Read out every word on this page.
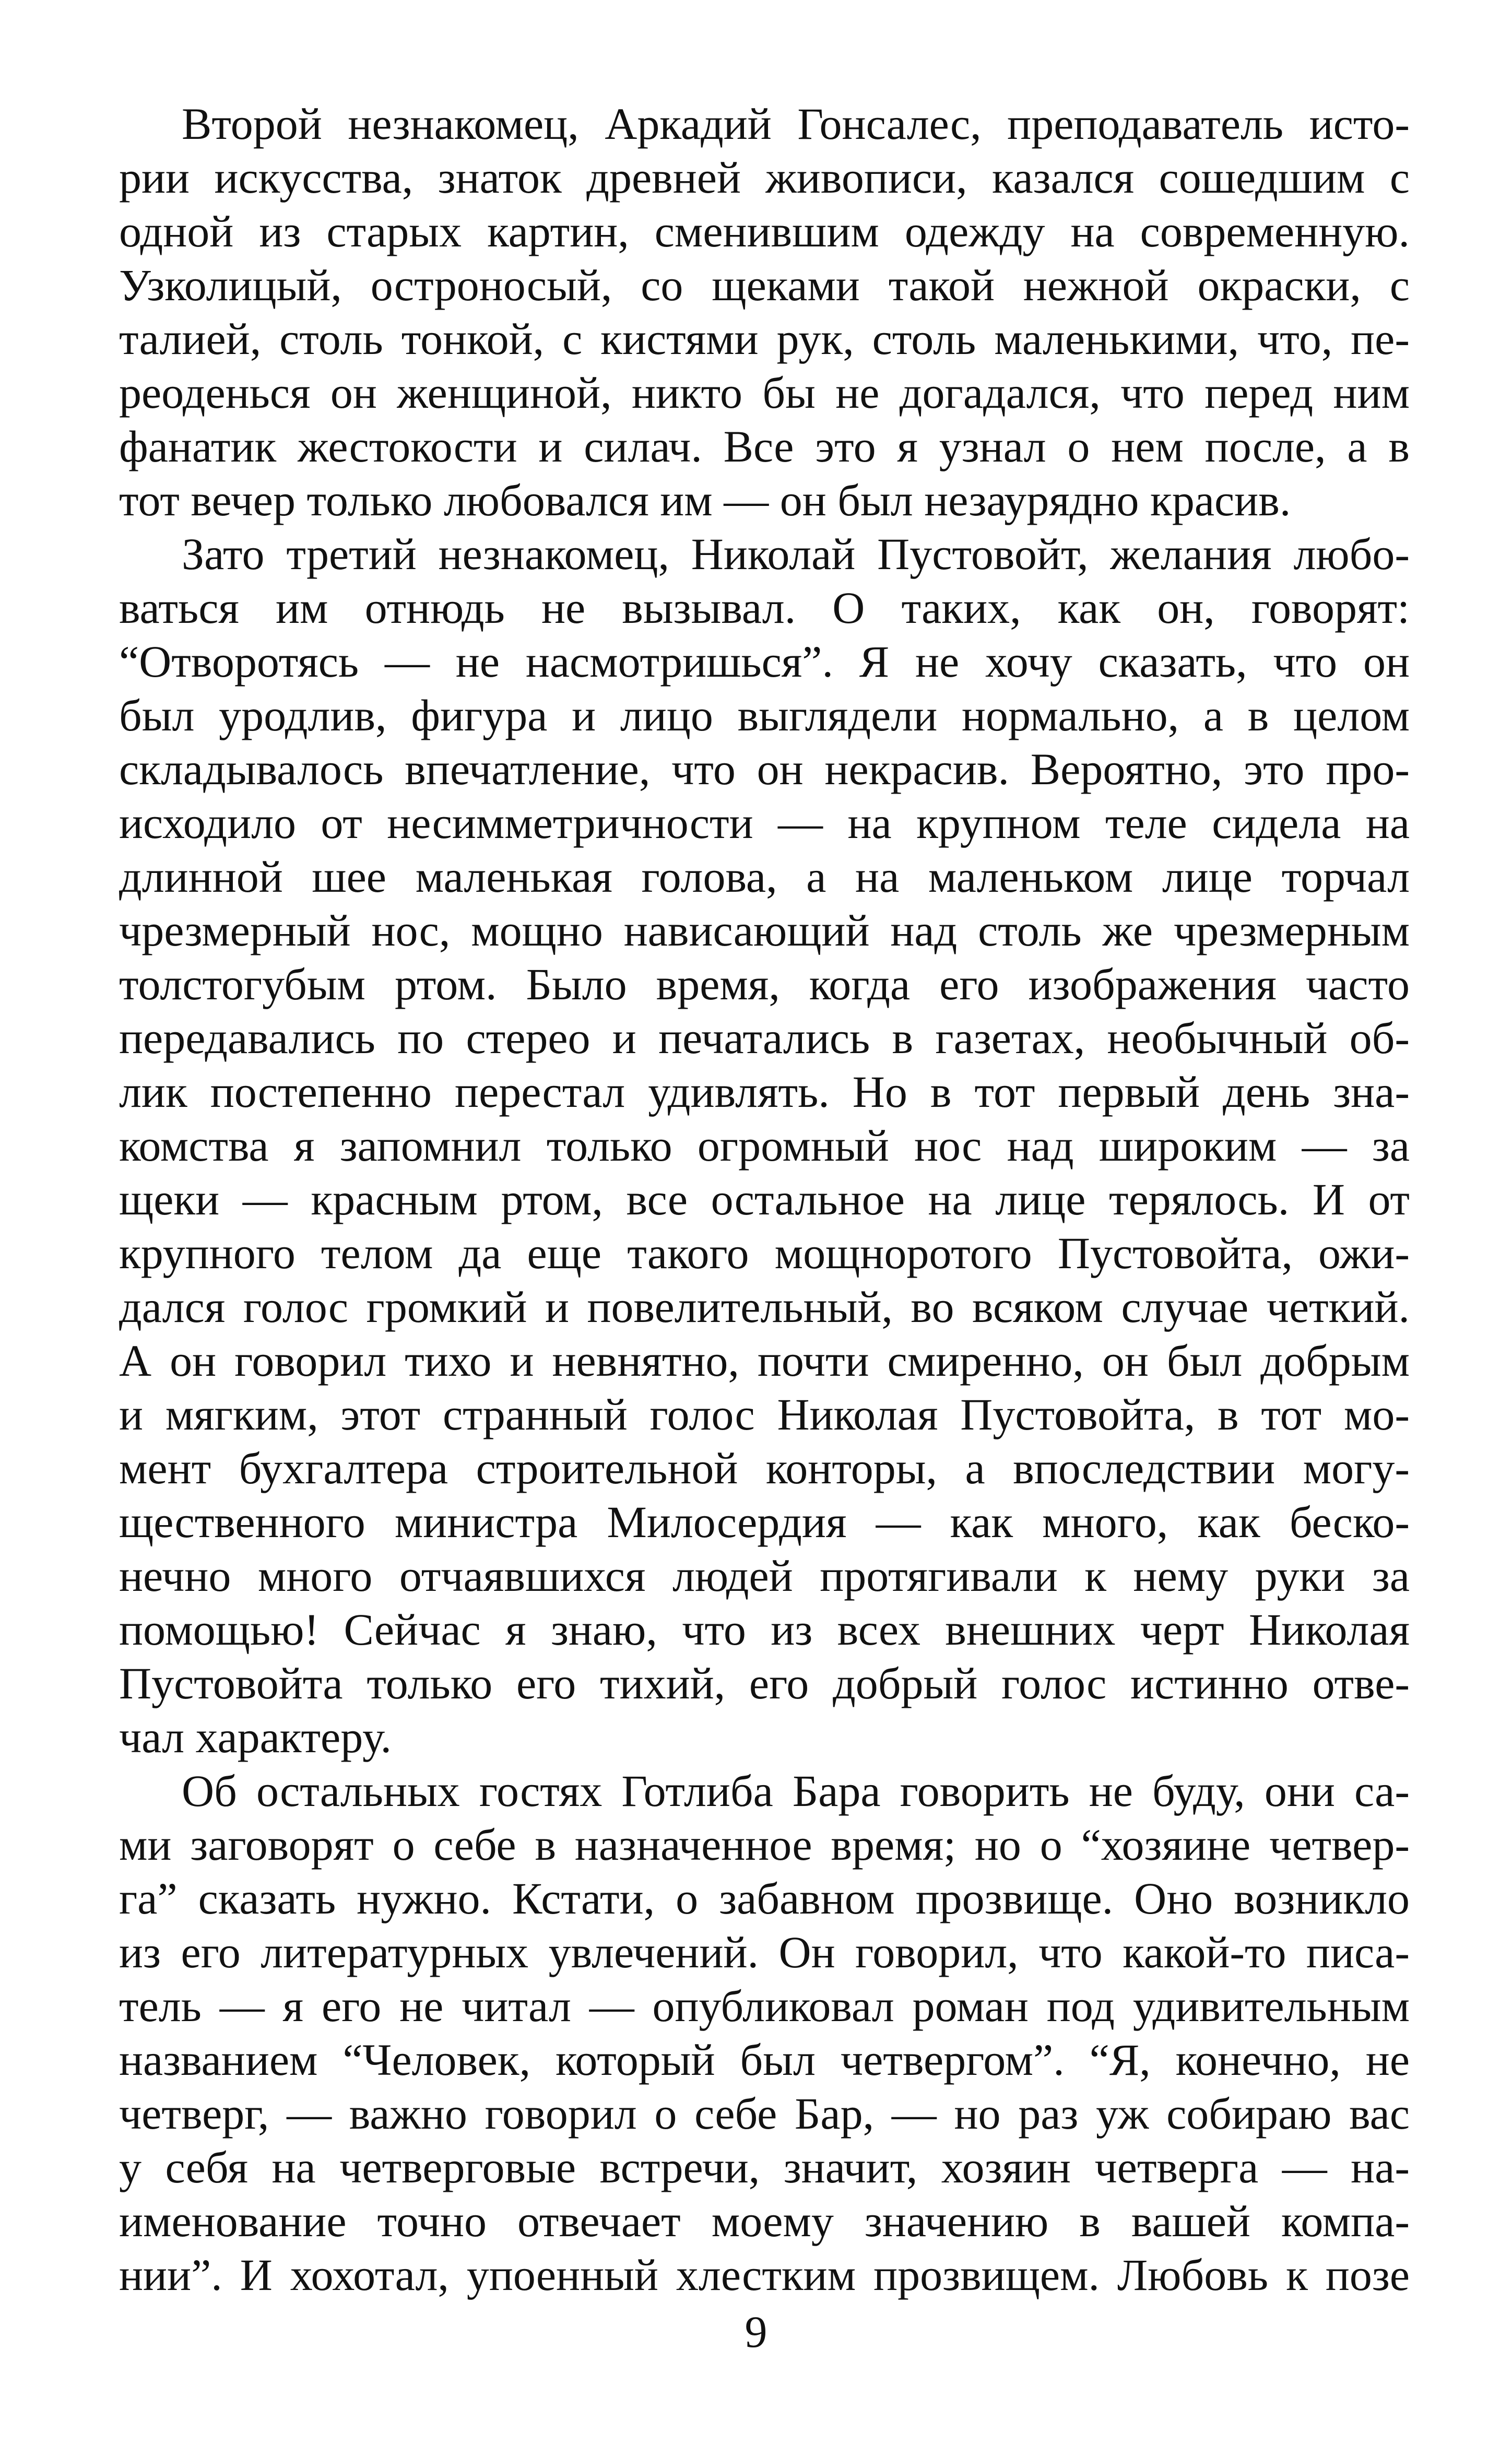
Второй незнакомец, Аркадий Гонсалес, преподаватель исто-
рии искусства, знаток древней живописи, казался сошедшим с
одной из старых картин, сменившим одежду на современную.
Узколицый, остроносый, со щеками такой нежной окраски, с
талией, столь тонкой, с кистями рук, столь маленькими, что, пе-
реоденься он женщиной, никто бы не догадался, что перед ним
фанатик жестокости и силач. Все это я узнал о нем после, а в
тот вечер только любовался им — он был незаурядно красив.
Зато третий незнакомец, Николай Пустовойт, желания любо-
ваться им отнюдь не вызывал. О таких, как он, говорят:
“Отворотясь — не насмотришься”. Я не хочу сказать, что он
был уродлив, фигура и лицо выглядели нормально, а в целом
складывалось впечатление, что он некрасив. Вероятно, это про-
исходило от несимметричности — на крупном теле сидела на
длинной шее маленькая голова, а на маленьком лице торчал
чрезмерный нос, мощно нависающий над столь же чрезмерным
толстогубым ртом. Было время, когда его изображения часто
передавались по стерео и печатались в газетах, необычный об-
лик постепенно перестал удивлять. Но в тот первый день зна-
комства я запомнил только огромный нос над широким — за
щеки — красным ртом, все остальное на лице терялось. И от
крупного телом да еще такого мощноротого Пустовойта, ожи-
дался голос громкий и повелительный, во всяком случае четкий.
А он говорил тихо и невнятно, почти смиренно, он был добрым
и мягким, этот странный голос Николая Пустовойта, в тот мо-
мент бухгалтера строительной конторы, а впоследствии могу-
щественного министра Милосердия — как много, как беско-
нечно много отчаявшихся людей протягивали к нему руки за
помощью! Сейчас я знаю, что из всех внешних черт Николая
Пустовойта только его тихий, его добрый голос истинно отве-
чал характеру.
Об остальных гостях Готлиба Бара говорить не буду, они са-
ми заговорят о себе в назначенное время; но о “хозяине четвер-
га” сказать нужно. Кстати, о забавном прозвище. Оно возникло
из его литературных увлечений. Он говорил, что какой-то писа-
тель — я его не читал — опубликовал роман под удивительным
названием “Человек, который был четвергом”. “Я, конечно, не
четверг, — важно говорил о себе Бар, — но раз уж собираю вас
у себя на четверговые встречи, значит, хозяин четверга — на-
именование точно отвечает моему значению в вашей компа-
нии”. И хохотал, упоенный хлестким прозвищем. Любовь к позе
9
